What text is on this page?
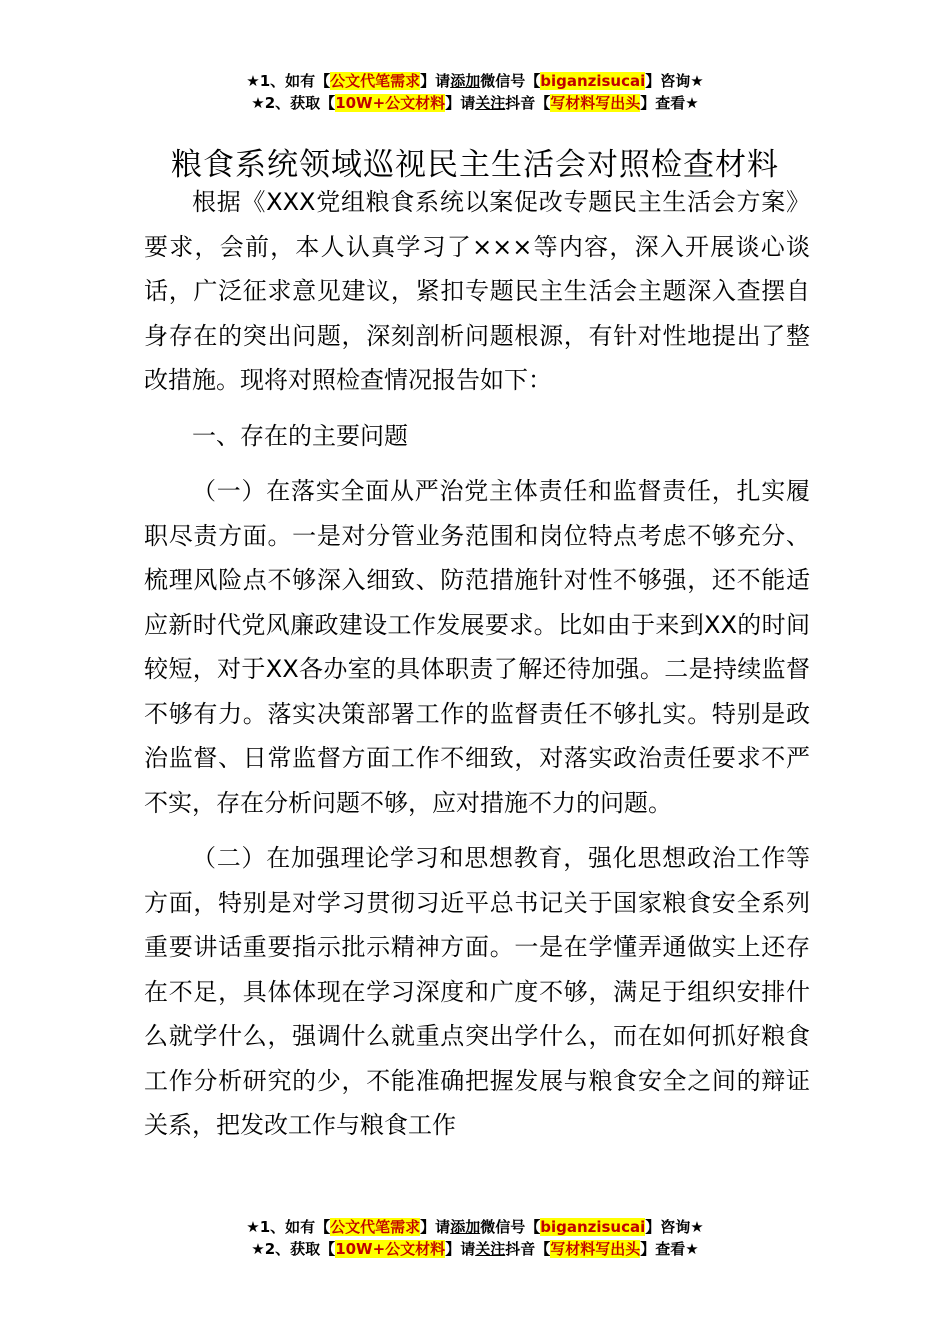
★1、如有【公文代笔需求】请添加微信号【biganzisucai】咨询★
★2、获取【10W+公文材料】请关注抖音【写材料写出头】查看★
粮食系统领域巡视民主生活会对照检查材料

根据《XXX党组粮食系统以案促改专题民主生活会方案》要求，会前，本人认真学习了×××等内容，深入开展谈心谈话，广泛征求意见建议，紧扣专题民主生活会主题深入查摆自身存在的突出问题，深刻剖析问题根源，有针对性地提出了整改措施。现将对照检查情况报告如下：

一、存在的主要问题

（一）在落实全面从严治党主体责任和监督责任，扎实履职尽责方面。一是对分管业务范围和岗位特点考虑不够充分、梳理风险点不够深入细致、防范措施针对性不够强，还不能适应新时代党风廉政建设工作发展要求。比如由于来到XX的时间较短，对于XX各办室的具体职责了解还待加强。二是持续监督不够有力。落实决策部署工作的监督责任不够扎实。特别是政治监督、日常监督方面工作不细致，对落实政治责任要求不严不实，存在分析问题不够，应对措施不力的问题。

（二）在加强理论学习和思想教育，强化思想政治工作等方面，特别是对学习贯彻习近平总书记关于国家粮食安全系列重要讲话重要指示批示精神方面。一是在学懂弄通做实上还存在不足，具体体现在学习深度和广度不够，满足于组织安排什么就学什么，强调什么就重点突出学什么，而在如何抓好粮食工作分析研究的少，不能准确把握发展与粮食安全之间的辩证关系，把发改工作与粮食工作

★1、如有【公文代笔需求】请添加微信号【biganzisucai】咨询★
★2、获取【10W+公文材料】请关注抖音【写材料写出头】查看★
